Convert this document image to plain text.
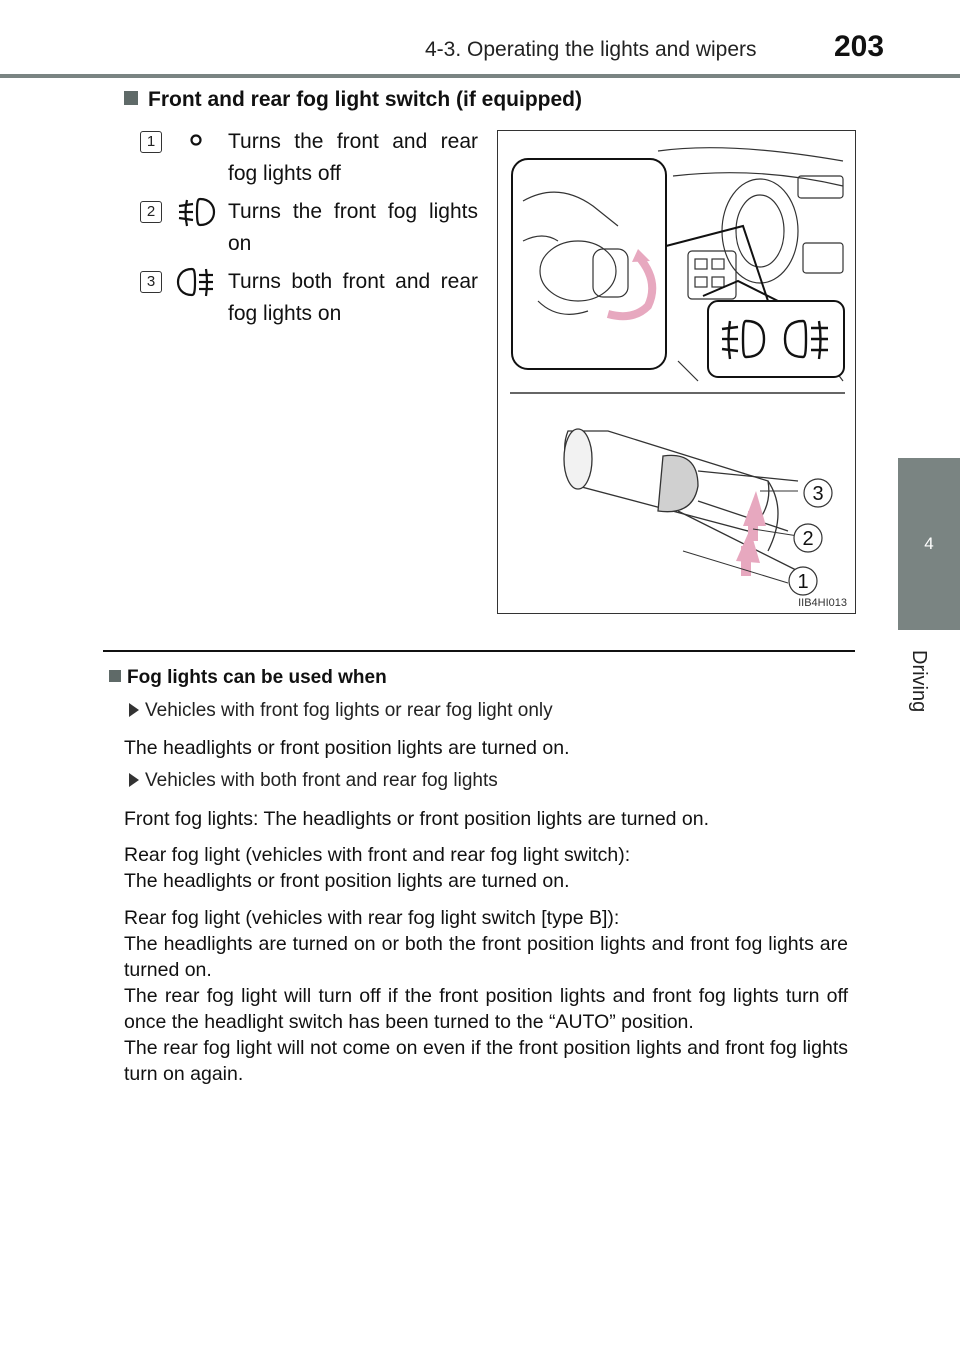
4-3. Operating the lights and wipers	203
4
Driving
Front and rear fog light switch (if equipped)
1	Turns the front and rear fog lights off
2	Turns the front fog lights on
3	Turns both front and rear fog lights on
3
2
1
IIB4HI013
Fog lights can be used when
Vehicles with front fog lights or rear fog light only
The headlights or front position lights are turned on.
Vehicles with both front and rear fog lights
Front fog lights: The headlights or front position lights are turned on.
Rear fog light (vehicles with front and rear fog light switch):
The headlights or front position lights are turned on.
Rear fog light (vehicles with rear fog light switch [type B]):
The headlights are turned on or both the front position lights and front fog lights are turned on.
The rear fog light will turn off if the front position lights and front fog lights turn off once the headlight switch has been turned to the “AUTO” position.
The rear fog light will not come on even if the front position lights and front fog lights turn on again.
